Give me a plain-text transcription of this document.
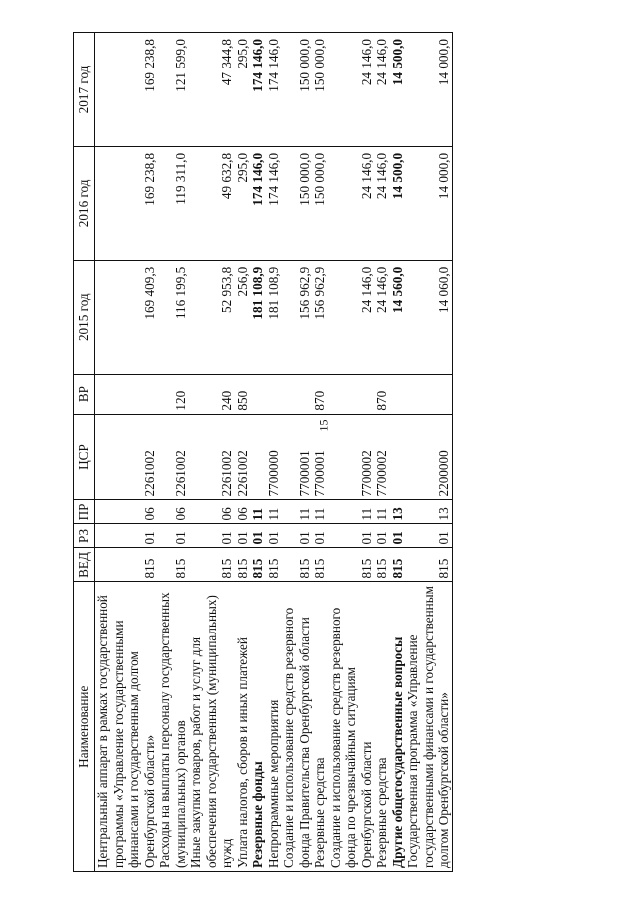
15
Наименование	ВЕД	РЗ	ПР	ЦСР	ВР	2015 год	2016 год	2017 год
Центральный аппарат в рамках государственной программы «Управление государственными финансами и государственным долгом Оренбургской области»	815	01	06	2261002		169 409,3	169 238,8	169 238,8
Расходы на выплаты персоналу государственных (муниципальных) органов	815	01	06	2261002	120	116 199,5	119 311,0	121 599,0
Иные закупки товаров, работ и услуг для обеспечения государственных (муниципальных) нужд	815	01	06	2261002	240	52 953,8	49 632,8	47 344,8
Уплата налогов, сборов и иных платежей	815	01	06	2261002	850	256,0	295,0	295,0
Резервные фонды	815	01	11			181 108,9	174 146,0	174 146,0
Непрограммные мероприятия	815	01	11	7700000		181 108,9	174 146,0	174 146,0
Создание и использование средств резервного фонда Правительства Оренбургской области	815	01	11	7700001		156 962,9	150 000,0	150 000,0
Резервные средства	815	01	11	7700001	870	156 962,9	150 000,0	150 000,0
Создание и использование средств резервного фонда по чрезвычайным ситуациям Оренбургской области	815	01	11	7700002		24 146,0	24 146,0	24 146,0
Резервные средства	815	01	11	7700002	870	24 146,0	24 146,0	24 146,0
Другие общегосударственные вопросы	815	01	13			14 560,0	14 500,0	14 500,0
Государственная программа «Управление государственными финансами и государственным долгом Оренбургской области»	815	01	13	2200000		14 060,0	14 000,0	14 000,0
